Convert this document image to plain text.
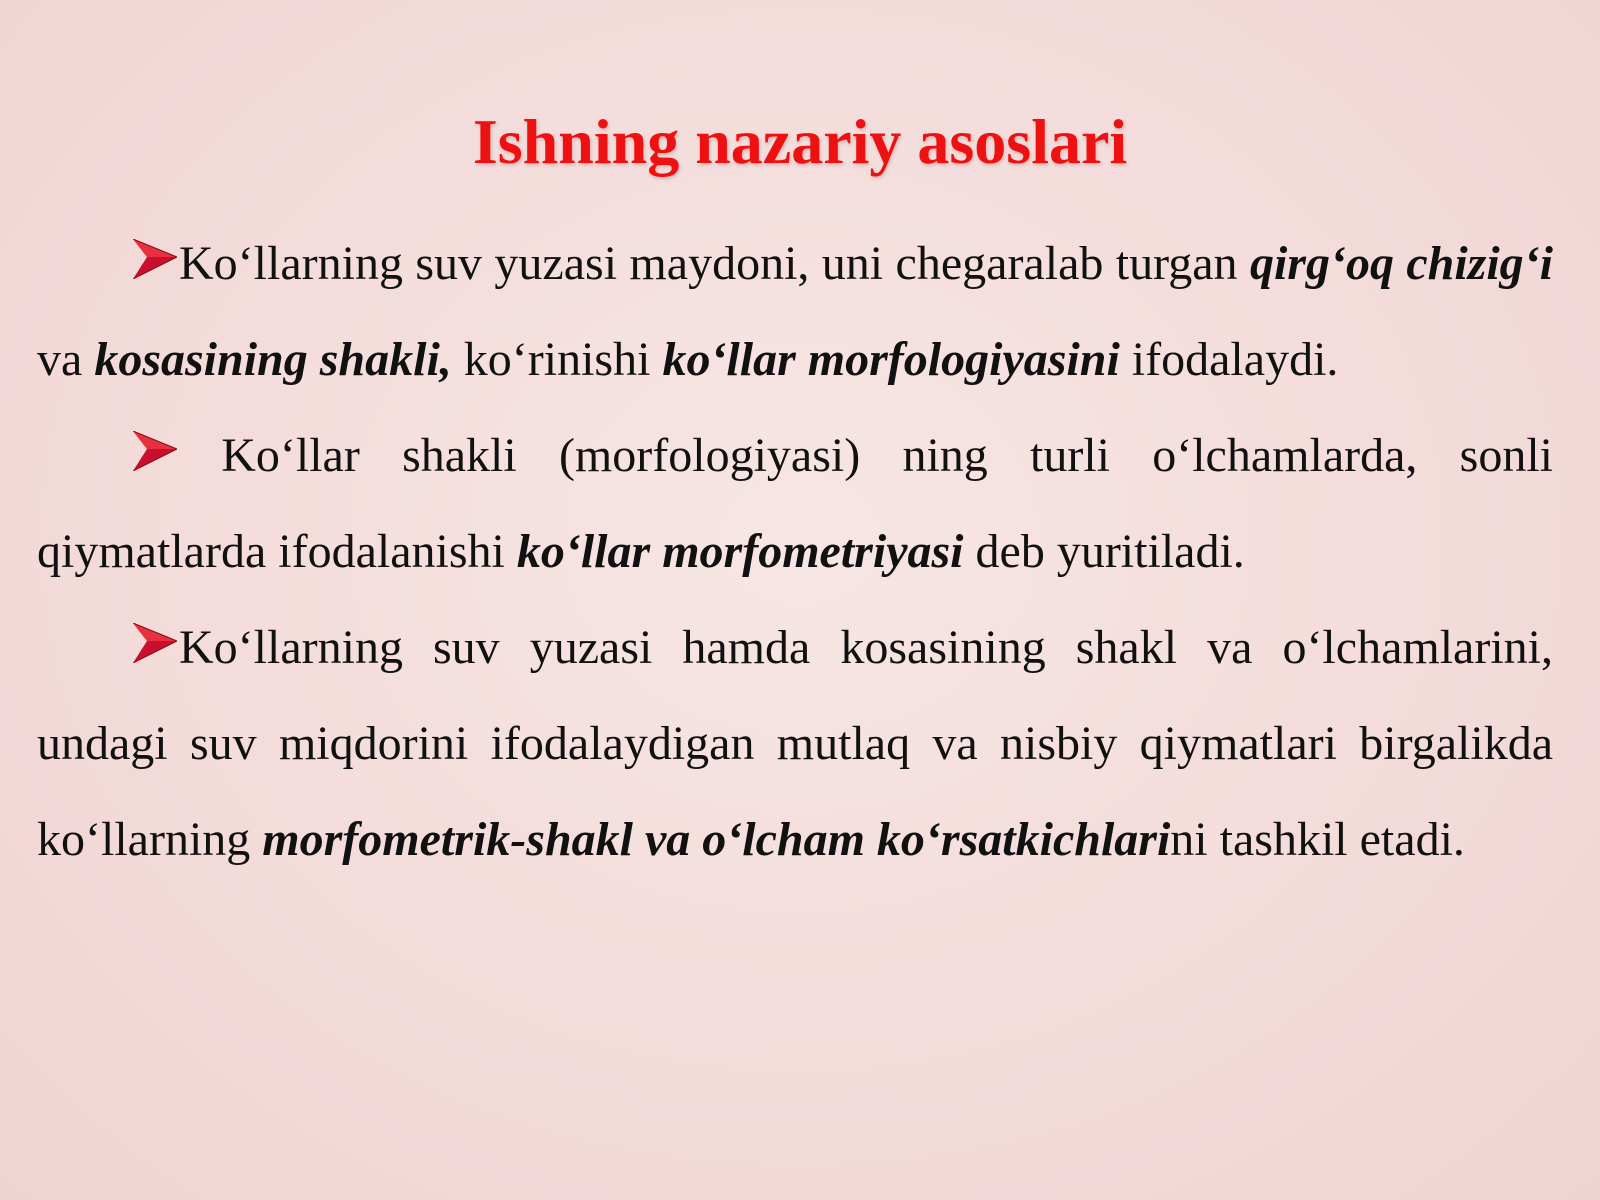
Ishning nazariy asoslari

Ko‘llarning suv yuzasi maydoni, uni chegaralab turgan qirg‘oq chizig‘i va kosasining shakli, ko‘rinishi ko‘llar morfologiyasini ifodalaydi.

Ko‘llar shakli (morfologiyasi) ning turli o‘lchamlarda, sonli qiymatlarda ifodalanishi ko‘llar morfometriyasi deb yuritiladi.

Ko‘llarning suv yuzasi hamda kosasining shakl va o‘lchamlarini, undagi suv miqdorini ifodalaydigan mutlaq va nisbiy qiymatlari birgalikda ko‘llarning morfometrik-shakl va o‘lcham ko‘rsatkichlarini tashkil etadi.
